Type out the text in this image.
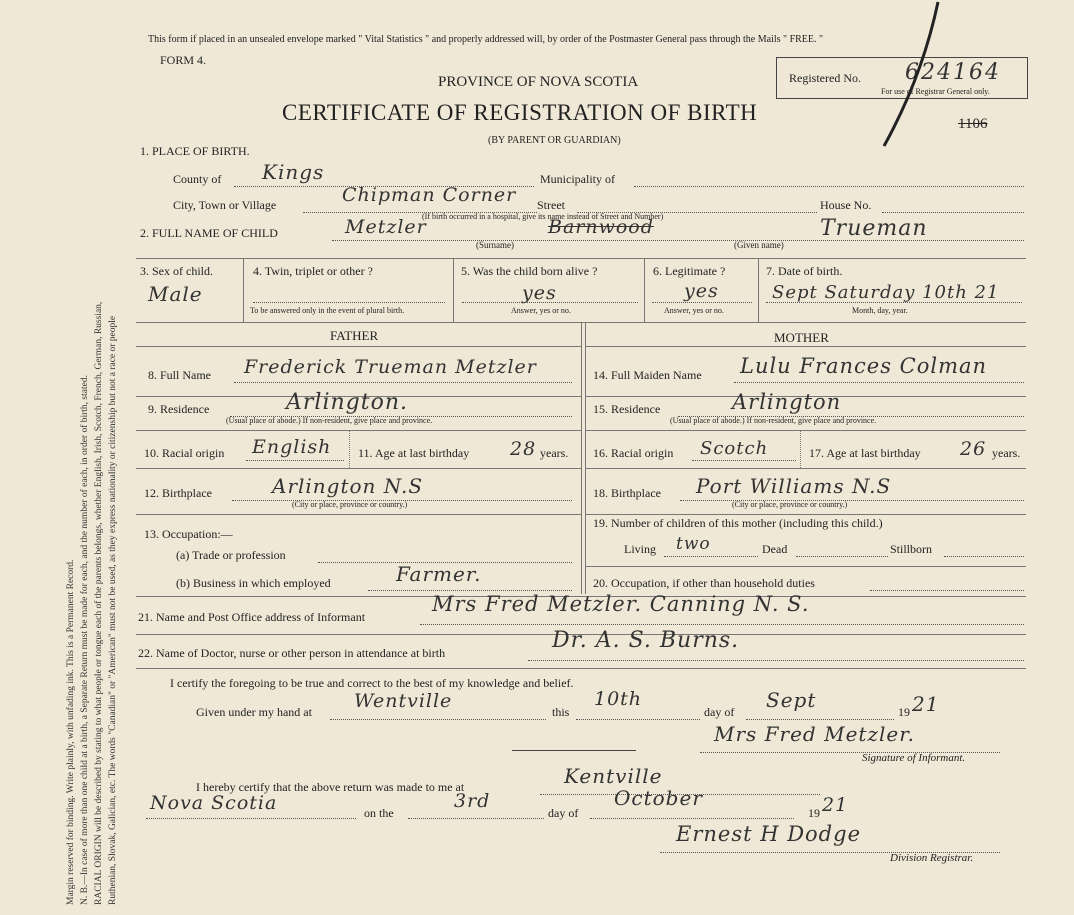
Margin reserved for binding. Write plainly, with unfading ink. This is a Permanent Record. N. B.—In case of more than one child at a birth, a Separate Return must be made for each, and the number of each, in order of birth, stated. RACIAL ORIGIN will be described by stating to what people or tongue each of the parents belongs, whether English, Irish, Scotch, French, German, Russian, Ruthenian, Slovak, Galician, etc. The words "Canadian" or "American" must not be used, as they express nationality or citizenship but not a race or people
This form if placed in an unsealed envelope marked " Vital Statistics " and properly addressed will, by order of the Postmaster General pass through the Mails " FREE. "
FORM 4.
PROVINCE OF NOVA SCOTIA
CERTIFICATE OF REGISTRATION OF BIRTH
(BY PARENT OR GUARDIAN)
Registered No. 624164
For use of Registrar General only.
1106
1. PLACE OF BIRTH.
County of Kings	Municipality of
City, Town or Village	Chipman Corner Street	House No.
(If birth occurred in a hospital, give its name instead of Street and Number)
2. FULL NAME OF CHILD	Metzler	Barnwood
(Surname)
Trueman
(Given name)
3. Sex of child.
Male
4. Twin, triplet or other ?
To be answered only in the event of plural birth.
5. Was the child born alive ?
yes
Answer, yes or no.
6. Legitimate ?
yes
Answer, yes or no.
7. Date of birth.
Sept Saturday 10th 21
Month, day, year.
FATHER	MOTHER
8. Full Name Frederick Trueman Metzler
9. Residence	Arlington.
(Usual place of abode.) If non-resident, give place and province.
10. Racial origin English 11. Age at last birthday 28 years.
12. Birthplace	Arlington N.S
(City or place, province or country.)
13. Occupation:—
(a) Trade or profession
(b) Business in which employed	Farmer.
14. Full Maiden Name Lulu Frances Colman
15. Residence	Arlington
(Usual place of abode.) If non-resident, give place and province.
16. Racial origin Scotch	17. Age at last birthday 26 years.
18. Birthplace Port Williams N.S
(City or place, province or country.)
19. Number of children of this mother (including this child.)
Living two	Dead	Stillborn
20. Occupation, if other than household duties
21. Name and Post Office address of Informant
Mrs Fred Metzler. Canning N. S.
22. Name of Doctor, nurse or other person in attendance at birth	Dr. A. S. Burns.
I certify the foregoing to be true and correct to the best of my knowledge and belief.
Given under my hand at Wentville	this
10th
day of Sept	19 21
Mrs Fred Metzler.
Signature of Informant.
I hereby certify that the above return was made to me at	Kentville
Nova Scotia	on the
3rd
day of
October
19 21
Ernest H Dodge
Division Registrar.
